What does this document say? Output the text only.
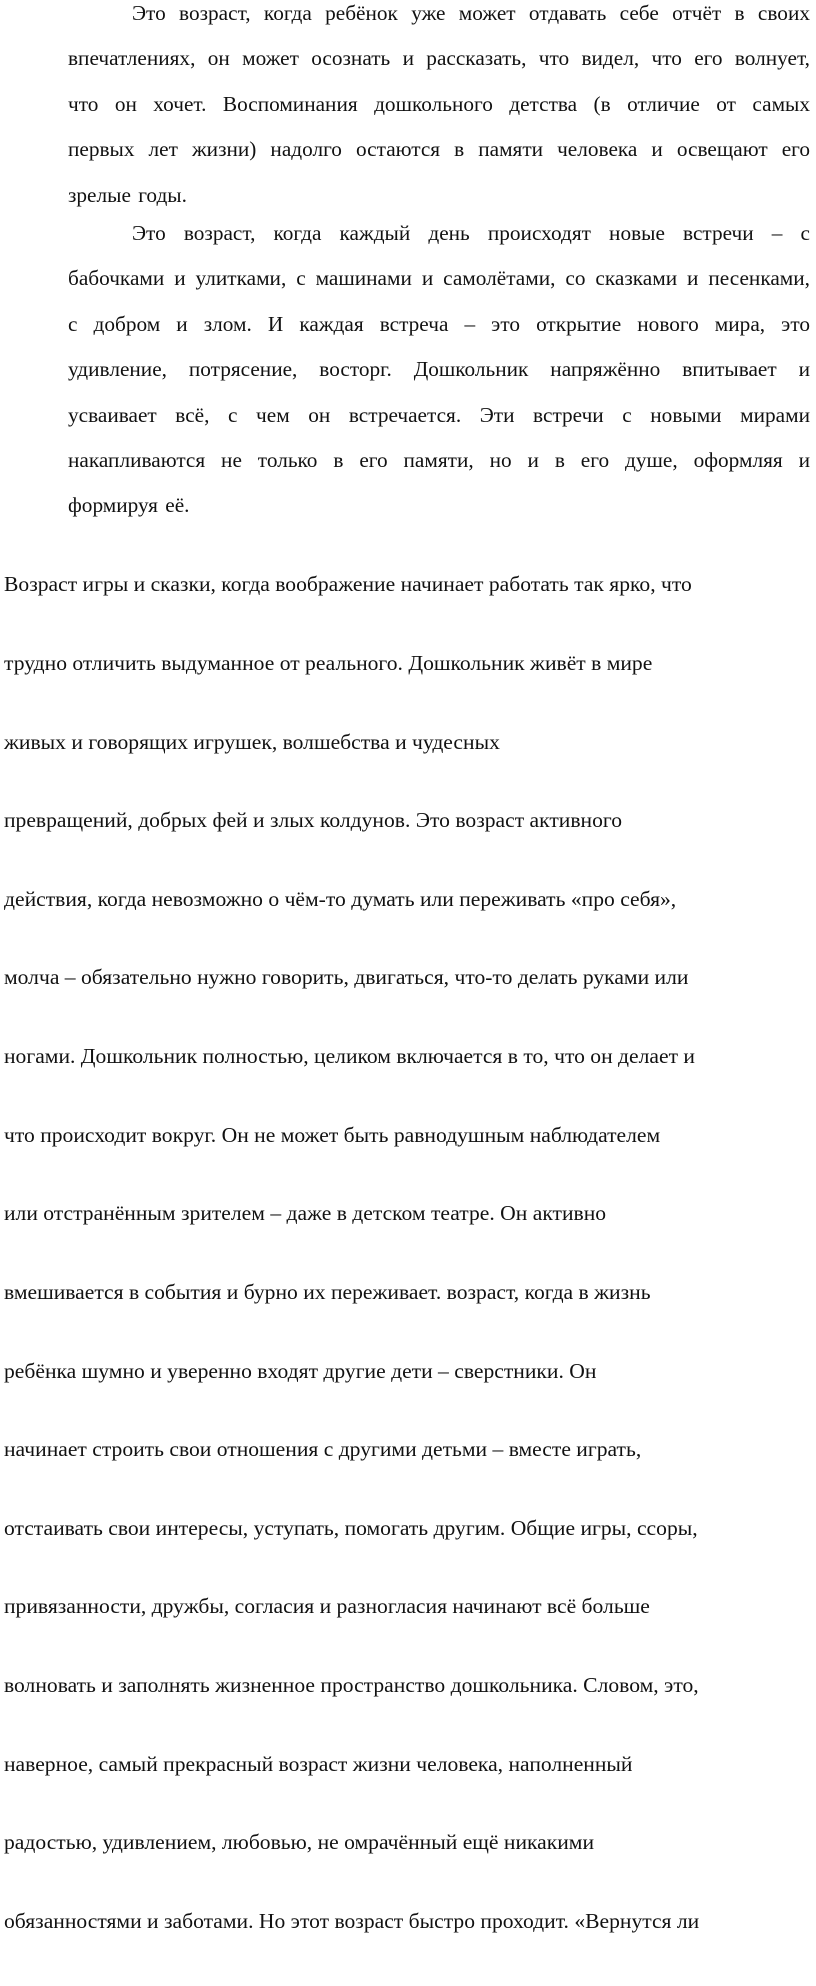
Это возраст, когда ребёнок уже может отдавать себе отчёт в своих
впечатлениях, он может осознать и рассказать, что видел, что его волнует,
что он хочет. Воспоминания дошкольного детства (в отличие от самых
первых лет жизни) надолго остаются в памяти человека и освещают его
зрелые годы.
Это возраст, когда каждый день происходят новые встречи – с
бабочками и улитками, с машинами и самолётами, со сказками и песенками,
с добром и злом. И каждая встреча – это открытие нового мира, это
удивление, потрясение, восторг. Дошкольник напряжённо впитывает и
усваивает всё, с чем он встречается. Эти встречи с новыми мирами
накапливаются не только в его памяти, но и в его душе, оформляя и
формируя её.

Возраст игры и сказки, когда воображение начинает работать так ярко, что

трудно отличить выдуманное от реального. Дошкольник живёт в мире

живых и говорящих игрушек, волшебства и чудесных

превращений, добрых фей и злых колдунов. Это возраст активного

действия, когда невозможно о чём-то думать или переживать «про себя»,

молча – обязательно нужно говорить, двигаться, что-то делать руками или

ногами. Дошкольник полностью, целиком включается в то, что он делает и

что происходит вокруг. Он не может быть равнодушным наблюдателем

или отстранённым зрителем – даже в детском театре. Он активно

вмешивается в события и бурно их переживает. возраст, когда в жизнь

ребёнка шумно и уверенно входят другие дети – сверстники. Он

начинает строить свои отношения с другими детьми – вместе играть,

отстаивать свои интересы, уступать, помогать другим. Общие игры, ссоры,

привязанности, дружбы, согласия и разногласия начинают всё больше

волновать и заполнять жизненное пространство дошкольника. Словом, это,

наверное, самый прекрасный возраст жизни человека, наполненный

радостью, удивлением, любовью, не омрачённый ещё никакими

обязанностями и заботами. Но этот возраст быстро проходит. «Вернутся ли
